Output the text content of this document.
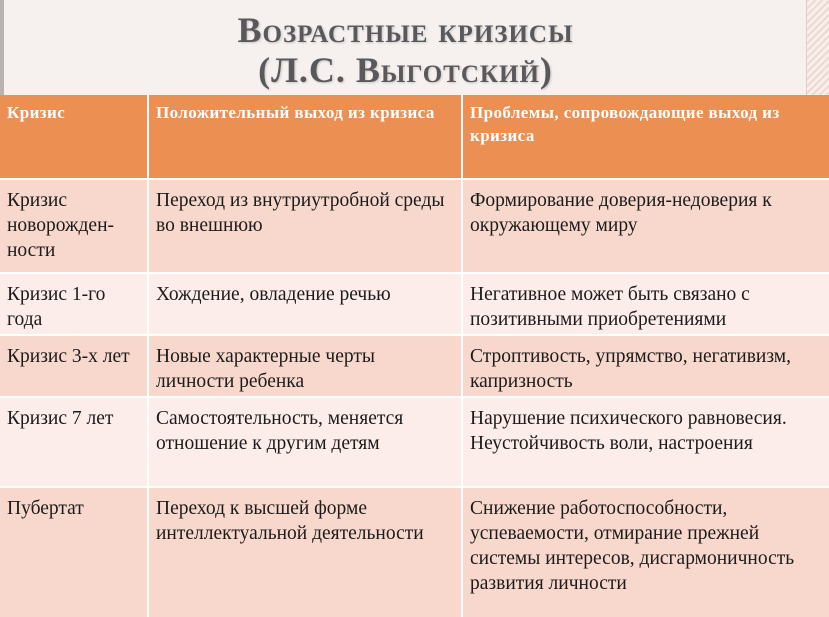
Возрастные кризисы
(Л.С. Выготский)
Кризис	Положительный выход из кризиса	Проблемы, сопровождающие выход из кризиса
Кризис новорожден-ности	Переход из внутриутробной среды во внешнюю	Формирование доверия-недоверия к окружающему миру
Кризис 1-го года	Хождение, овладение речью	Негативное может быть связано с позитивными приобретениями
Кризис 3-х лет	Новые характерные черты личности ребенка	Строптивость, упрямство, негативизм, капризность
Кризис 7 лет	Самостоятельность, меняется отношение к другим детям	Нарушение психического равновесия. Неустойчивость воли, настроения
Пубертат	Переход к высшей форме интеллектуальной деятельности	Снижение работоспособности, успеваемости, отмирание прежней системы интересов, дисгармоничность развития личности
